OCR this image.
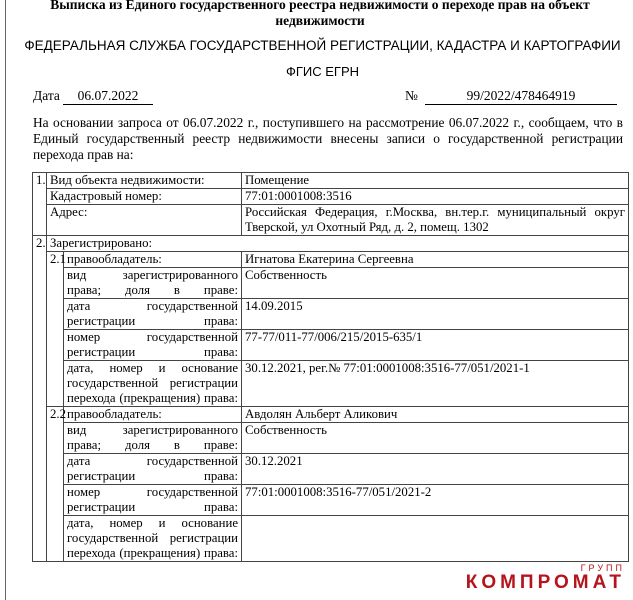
Выписка из Единого государственного реестра недвижимости о переходе прав на объект недвижимости
ФЕДЕРАЛЬНАЯ СЛУЖБА ГОСУДАРСТВЕННОЙ РЕГИСТРАЦИИ, КАДАСТРА И КАРТОГРАФИИ
ФГИС ЕГРН
Дата	06.07.2022	№	99/2022/478464919
На основании запроса от 06.07.2022 г., поступившего на рассмотрение 06.07.2022 г., сообщаем, что в Единый государственный реестр недвижимости внесены записи о государственной регистрации перехода прав на:
1.	Вид объекта недвижимости:		Помещение
	Кадастровый номер:		77:01:0001008:3516
	Адрес:		Российская Федерация, г.Москва, вн.тер.г. муниципальный округ Тверской, ул Охотный Ряд, д. 2, помещ. 1302
2.	Зарегистрировано:		
	2.1	правообладатель:	Игнатова Екатерина Сергеевна
		вид зарегистрированного права; доля в праве:	Собственность
		дата государственной регистрации права:	14.09.2015
		номер государственной регистрации права:	77-77/011-77/006/215/2015-635/1
		дата, номер и основание государственной регистрации перехода (прекращения) права:	30.12.2021, рег.№ 77:01:0001008:3516-77/051/2021-1
	2.2	правообладатель:	Авдолян Альберт Аликович
		вид зарегистрированного права; доля в праве:	Собственность
		дата государственной регистрации права:	30.12.2021
		номер государственной регистрации права:	77:01:0001008:3516-77/051/2021-2
		дата, номер и основание государственной регистрации перехода (прекращения) права:	
ГРУПП
КОМПРОМАТ
